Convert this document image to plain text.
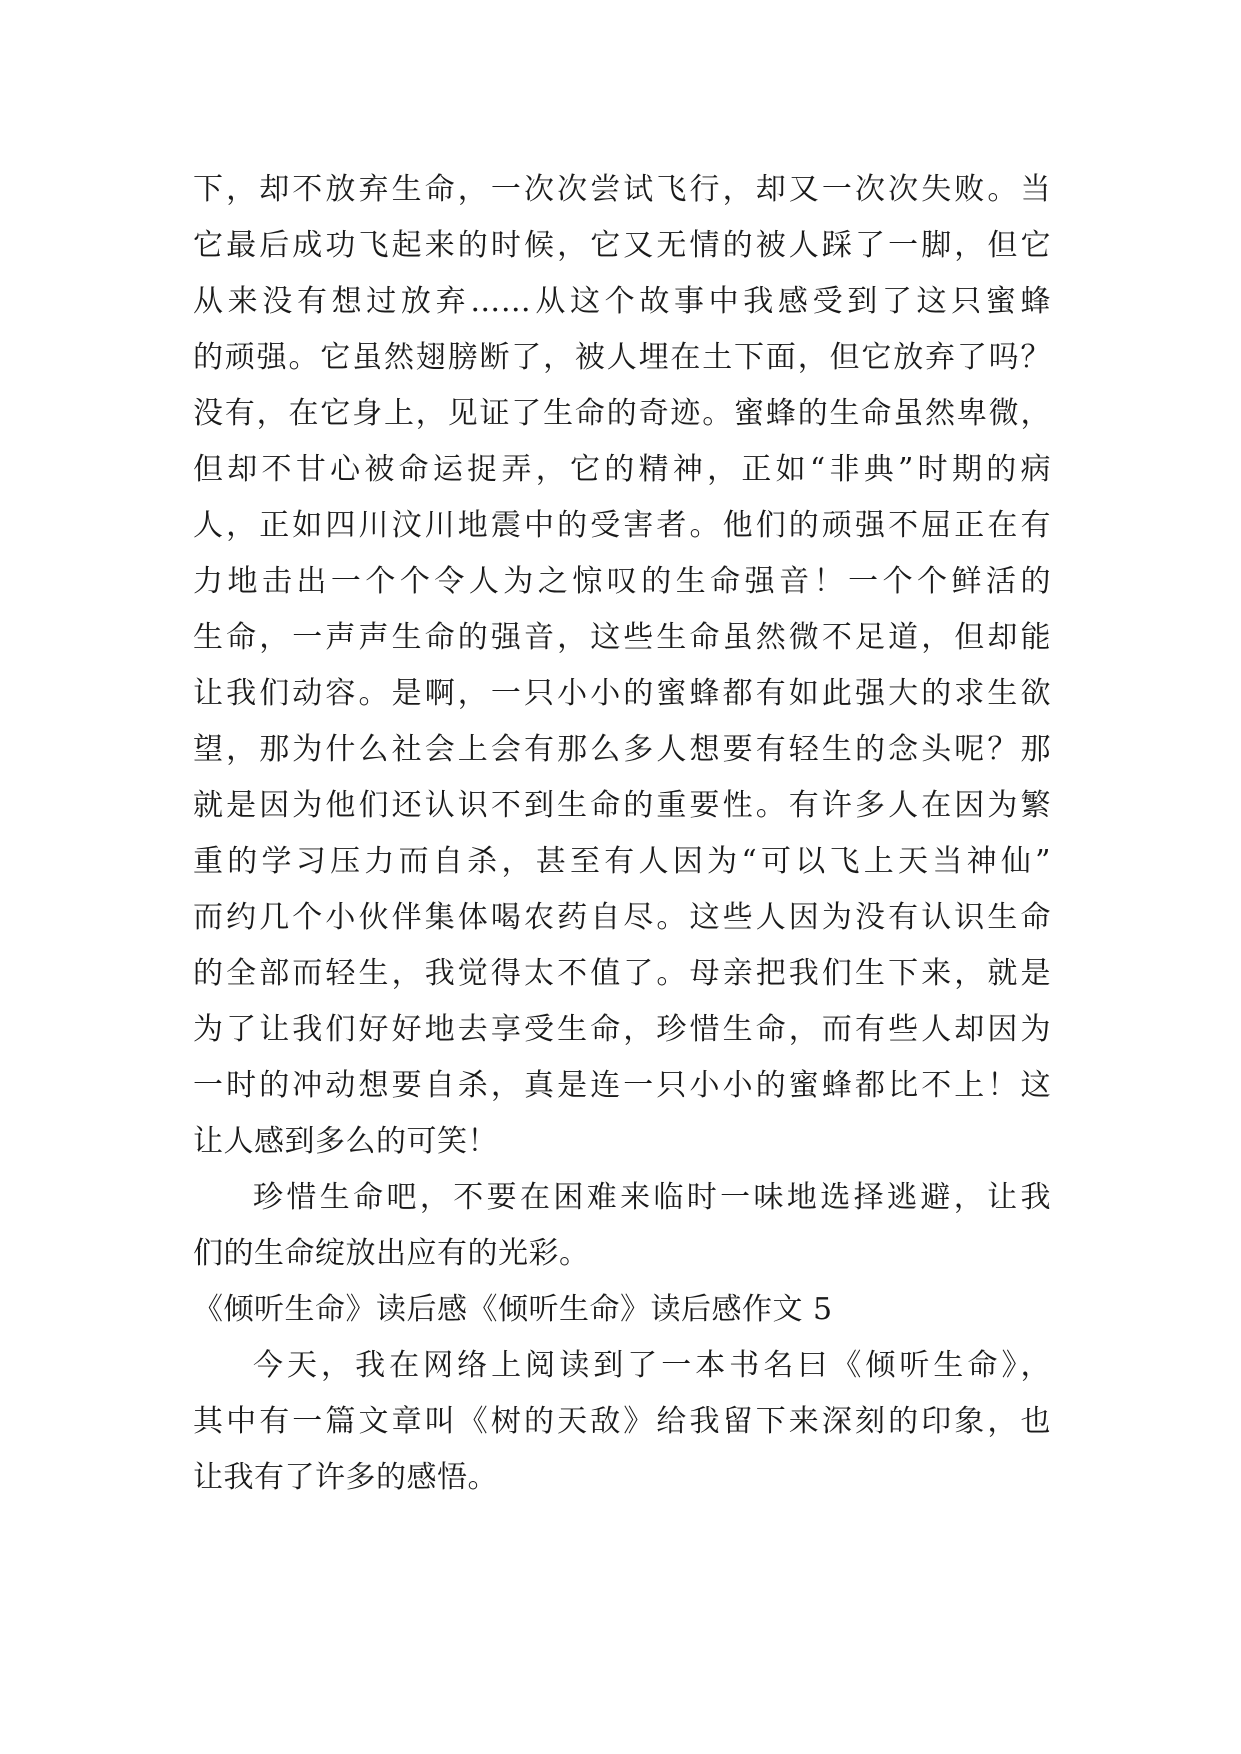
下，却不放弃生命，一次次尝试飞行，却又一次次失败。当
它最后成功飞起来的时候，它又无情的被人踩了一脚，但它
从来没有想过放弃……从这个故事中我感受到了这只蜜蜂
的顽强。它虽然翅膀断了，被人埋在土下面，但它放弃了吗？
没有，在它身上，见证了生命的奇迹。蜜蜂的生命虽然卑微，
但却不甘心被命运捉弄，它的精神，正如“非典”时期的病
人，正如四川汶川地震中的受害者。他们的顽强不屈正在有
力地击出一个个令人为之惊叹的生命强音！一个个鲜活的
生命，一声声生命的强音，这些生命虽然微不足道，但却能
让我们动容。是啊，一只小小的蜜蜂都有如此强大的求生欲
望，那为什么社会上会有那么多人想要有轻生的念头呢？那
就是因为他们还认识不到生命的重要性。有许多人在因为繁
重的学习压力而自杀，甚至有人因为“可以飞上天当神仙”
而约几个小伙伴集体喝农药自尽。这些人因为没有认识生命
的全部而轻生，我觉得太不值了。母亲把我们生下来，就是
为了让我们好好地去享受生命，珍惜生命，而有些人却因为
一时的冲动想要自杀，真是连一只小小的蜜蜂都比不上！这
让人感到多么的可笑！
珍惜生命吧，不要在困难来临时一味地选择逃避，让我
们的生命绽放出应有的光彩。
《倾听生命》读后感《倾听生命》读后感作文 5
今天，我在网络上阅读到了一本书名曰《倾听生命》，
其中有一篇文章叫《树的天敌》给我留下来深刻的印象，也
让我有了许多的感悟。
